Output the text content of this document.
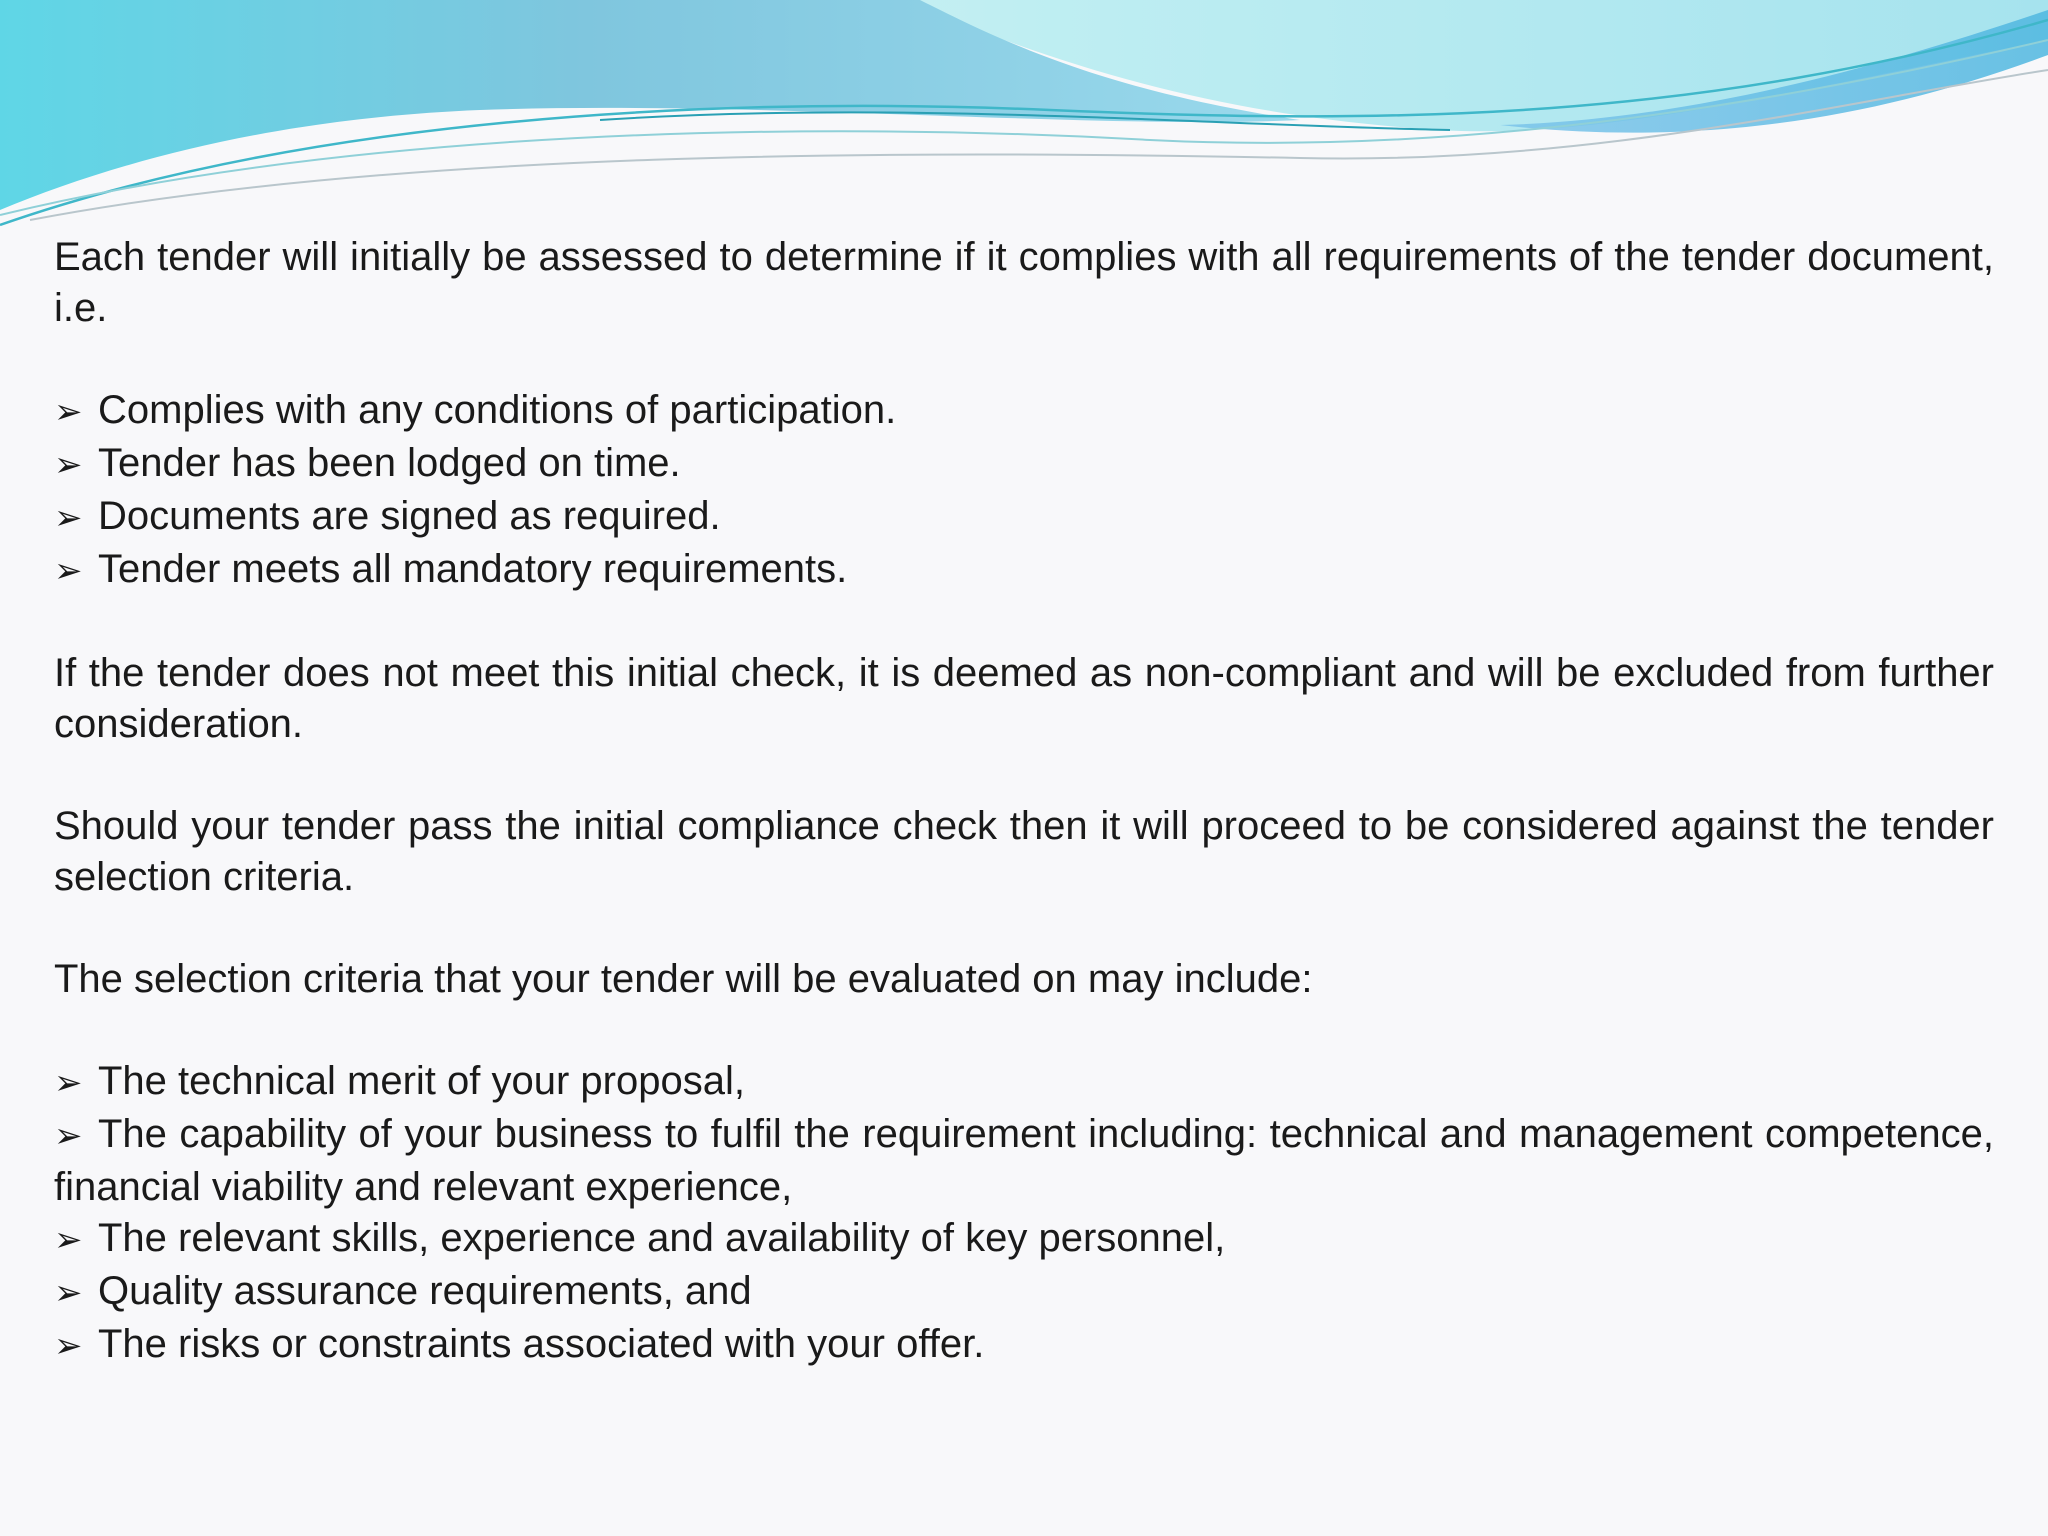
Each tender will initially be assessed to determine if it complies with all requirements of the tender document, i.e.

➢ Complies with any conditions of participation.
➢ Tender has been lodged on time.
➢ Documents are signed as required.
➢ Tender meets all mandatory requirements.

If the tender does not meet this initial check, it is deemed as non-compliant and will be excluded from further consideration.

Should your tender pass the initial compliance check then it will proceed to be considered against the tender selection criteria.

The selection criteria that your tender will be evaluated on may include:

➢ The technical merit of your proposal,
➢ The capability of your business to fulfil the requirement including: technical and management competence, financial viability and relevant experience,
➢ The relevant skills, experience and availability of key personnel,
➢ Quality assurance requirements, and
➢ The risks or constraints associated with your offer.
